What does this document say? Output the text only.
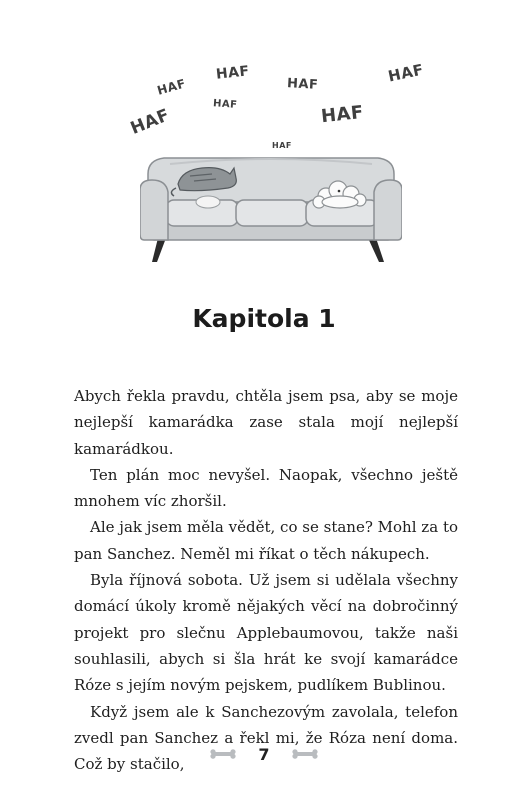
HAF
HAF
HAF
HAF
HAF
HAF
HAF
HAF
Kapitola 1

Abych řekla pravdu, chtěla jsem psa, aby se moje nejlepší kamarádka zase stala mojí nejlepší kamarádkou.

Ten plán moc nevyšel. Naopak, všechno ještě mnohem víc zhoršil.

Ale jak jsem měla vědět, co se stane? Mohl za to pan Sanchez. Neměl mi říkat o těch nákupech.

Byla říjnová sobota. Už jsem si udělala všechny domácí úkoly kromě nějakých věcí na dobročinný projekt pro slečnu Applebaumovou, takže naši souhlasili, abych si šla hrát ke svojí kamarádce Róze s jejím novým pejskem, pudlíkem Bublinou.

Když jsem ale k Sanchezovým zavolala, telefon zvedl pan Sanchez a řekl mi, že Róza není doma. Což by stačilo,

7
